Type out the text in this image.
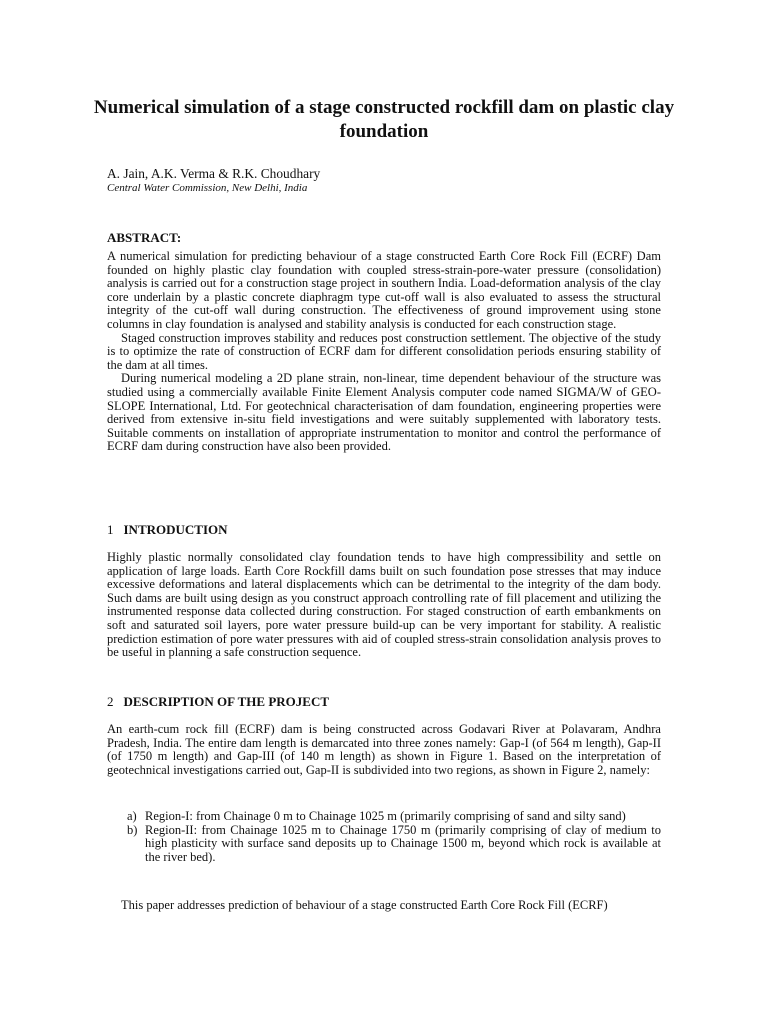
Numerical simulation of a stage constructed rockfill dam on plastic clay foundation

A. Jain, A.K. Verma & R.K. Choudhary

Central Water Commission, New Delhi, India

ABSTRACT:

A numerical simulation for predicting behaviour of a stage constructed Earth Core Rock Fill (ECRF) Dam founded on highly plastic clay foundation with coupled stress-strain-pore-water pressure (consolidation) analysis is carried out for a construction stage project in southern India. Load-deformation analysis of the clay core underlain by a plastic concrete diaphragm type cut-off wall is also evaluated to assess the structural integrity of the cut-off wall during construction. The effectiveness of ground improvement using stone columns in clay foundation is analysed and stability analysis is conducted for each construction stage.

Staged construction improves stability and reduces post construction settlement. The objective of the study is to optimize the rate of construction of ECRF dam for different consolidation periods ensuring stability of the dam at all times.

During numerical modeling a 2D plane strain, non-linear, time dependent behaviour of the structure was studied using a commercially available Finite Element Analysis computer code named SIGMA/W of GEO-SLOPE International, Ltd. For geotechnical characterisation of dam foundation, engineering properties were derived from extensive in-situ field investigations and were suitably supplemented with laboratory tests. Suitable comments on installation of appropriate instrumentation to monitor and control the performance of ECRF dam during construction have also been provided.

1 INTRODUCTION

Highly plastic normally consolidated clay foundation tends to have high compressibility and settle on application of large loads. Earth Core Rockfill dams built on such foundation pose stresses that may induce excessive deformations and lateral displacements which can be detrimental to the integrity of the dam body. Such dams are built using design as you construct approach controlling rate of fill placement and utilizing the instrumented response data collected during construction. For staged construction of earth embankments on soft and saturated soil layers, pore water pressure build-up can be very important for stability. A realistic prediction estimation of pore water pressures with aid of coupled stress-strain consolidation analysis proves to be useful in planning a safe construction sequence.

2 DESCRIPTION OF THE PROJECT

An earth-cum rock fill (ECRF) dam is being constructed across Godavari River at Polavaram, Andhra Pradesh, India. The entire dam length is demarcated into three zones namely: Gap-I (of 564 m length), Gap-II (of 1750 m length) and Gap-III (of 140 m length) as shown in Figure 1. Based on the interpretation of geotechnical investigations carried out, Gap-II is subdivided into two regions, as shown in Figure 2, namely:

a) Region-I: from Chainage 0 m to Chainage 1025 m (primarily comprising of sand and silty sand)
b) Region-II: from Chainage 1025 m to Chainage 1750 m (primarily comprising of clay of medium to high plasticity with surface sand deposits up to Chainage 1500 m, beyond which rock is available at the river bed).

This paper addresses prediction of behaviour of a stage constructed Earth Core Rock Fill (ECRF)
